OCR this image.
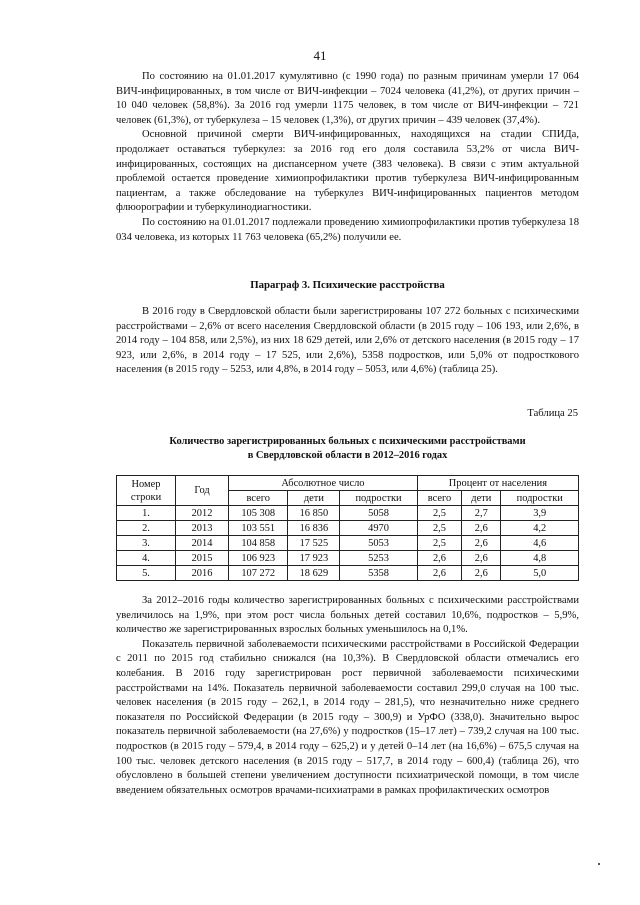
41

По состоянию на 01.01.2017 кумулятивно (с 1990 года) по разным причинам умерли 17 064 ВИЧ-инфицированных, в том числе от ВИЧ-инфекции – 7024 человека (41,2%), от других причин – 10 040 человек (58,8%). За 2016 год умерли 1175 человек, в том числе от ВИЧ-инфекции – 721 человек (61,3%), от туберкулеза – 15 человек (1,3%), от других причин – 439 человек (37,4%).

Основной причиной смерти ВИЧ-инфицированных, находящихся на стадии СПИДа, продолжает оставаться туберкулез: за 2016 год его доля составила 53,2% от числа ВИЧ-инфицированных, состоящих на диспансерном учете (383 человека). В связи с этим актуальной проблемой остается проведение химиопрофилактики против туберкулеза ВИЧ-инфицированным пациентам, а также обследование на туберкулез ВИЧ-инфицированных пациентов методом флюорографии и туберкулинодиагностики.

По состоянию на 01.01.2017 подлежали проведению химиопрофилактики против туберкулеза 18 034 человека, из которых 11 763 человека (65,2%) получили ее.

Параграф 3. Психические расстройства

В 2016 году в Свердловской области были зарегистрированы 107 272 больных с психическими расстройствами – 2,6% от всего населения Свердловской области (в 2015 году – 106 193, или 2,6%, в 2014 году – 104 858, или 2,5%), из них 18 629 детей, или 2,6% от детского населения (в 2015 году – 17 923, или 2,6%, в 2014 году – 17 525, или 2,6%), 5358 подростков, или 5,0% от подросткового населения (в 2015 году – 5253, или 4,8%, в 2014 году – 5053, или 4,6%) (таблица 25).

Таблица 25
Количество зарегистрированных больных с психическими расстройствами
в Свердловской области в 2012–2016 годах
Номер строки	Год	Абсолютное число			Процент от населения		
		всего	дети	подростки	всего	дети	подростки
1.	2012	105 308	16 850	5058	2,5	2,7	3,9
2.	2013	103 551	16 836	4970	2,5	2,6	4,2
3.	2014	104 858	17 525	5053	2,5	2,6	4,6
4.	2015	106 923	17 923	5253	2,6	2,6	4,8
5.	2016	107 272	18 629	5358	2,6	2,6	5,0

За 2012–2016 годы количество зарегистрированных больных с психическими расстройствами увеличилось на 1,9%, при этом рост числа больных детей составил 10,6%, подростков – 5,9%, количество же зарегистрированных взрослых больных уменьшилось на 0,1%.

Показатель первичной заболеваемости психическими расстройствами в Российской Федерации с 2011 по 2015 год стабильно снижался (на 10,3%). В Свердловской области отмечались его колебания. В 2016 году зарегистрирован рост первичной заболеваемости психическими расстройствами на 14%. Показатель первичной заболеваемости составил 299,0 случая на 100 тыс. человек населения (в 2015 году – 262,1, в 2014 году – 281,5), что незначительно ниже среднего показателя по Российской Федерации (в 2015 году – 300,9) и УрФО (338,0). Значительно вырос показатель первичной заболеваемости (на 27,6%) у подростков (15–17 лет) – 739,2 случая на 100 тыс. подростков (в 2015 году – 579,4, в 2014 году – 625,2) и у детей 0–14 лет (на 16,6%) – 675,5 случая на 100 тыс. человек детского населения (в 2015 году – 517,7, в 2014 году – 600,4) (таблица 26), что обусловлено в большей степени увеличением доступности психиатрической помощи, в том числе введением обязательных осмотров врачами-психиатрами в рамках профилактических осмотров
